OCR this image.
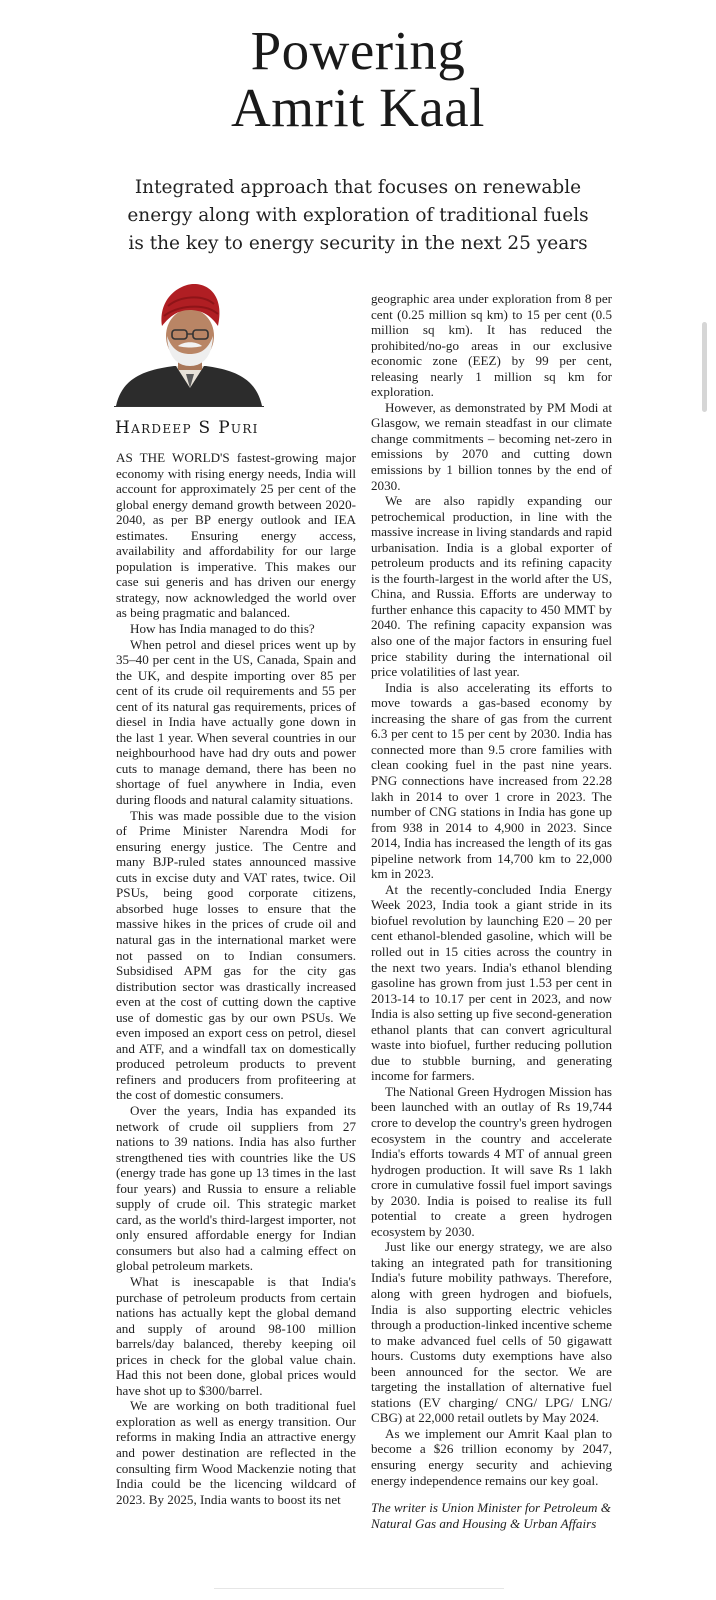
Powering
Amrit Kaal
Integrated approach that focuses on renewable
energy along with exploration of traditional fuels
is the key to energy security in the next 25 years
Hardeep S Puri

AS THE WORLD'S fastest-growing major economy with rising energy needs, India will account for approximately 25 per cent of the global energy demand growth between 2020-2040, as per BP energy outlook and IEA estimates. Ensuring energy access, availability and affordability for our large population is imperative. This makes our case sui generis and has driven our energy strategy, now acknowledged the world over as being pragmatic and balanced.

How has India managed to do this?

When petrol and diesel prices went up by 35–40 per cent in the US, Canada, Spain and the UK, and despite importing over 85 per cent of its crude oil requirements and 55 per cent of its natural gas requirements, prices of diesel in India have actually gone down in the last 1 year. When several countries in our neighbourhood have had dry outs and power cuts to manage demand, there has been no shortage of fuel anywhere in India, even during floods and natural calamity situations.

This was made possible due to the vision of Prime Minister Narendra Modi for ensuring energy justice. The Centre and many BJP-ruled states announced massive cuts in excise duty and VAT rates, twice. Oil PSUs, being good corporate citizens, absorbed huge losses to ensure that the massive hikes in the prices of crude oil and natural gas in the international market were not passed on to Indian consumers. Subsidised APM gas for the city gas distribution sector was drastically increased even at the cost of cutting down the captive use of domestic gas by our own PSUs. We even imposed an export cess on petrol, diesel and ATF, and a windfall tax on domestically produced petroleum products to prevent refiners and producers from profiteering at the cost of domestic consumers.

Over the years, India has expanded its network of crude oil suppliers from 27 nations to 39 nations. India has also further strengthened ties with countries like the US (energy trade has gone up 13 times in the last four years) and Russia to ensure a reliable supply of crude oil. This strategic market card, as the world's third-largest importer, not only ensured affordable energy for Indian consumers but also had a calming effect on global petroleum markets.

What is inescapable is that India's purchase of petroleum products from certain nations has actually kept the global demand and supply of around 98-100 million barrels/day balanced, thereby keeping oil prices in check for the global value chain. Had this not been done, global prices would have shot up to $300/barrel.

We are working on both traditional fuel exploration as well as energy transition. Our reforms in making India an attractive energy and power destination are reflected in the consulting firm Wood Mackenzie noting that India could be the licencing wildcard of 2023. By 2025, India wants to boost its net

geographic area under exploration from 8 per cent (0.25 million sq km) to 15 per cent (0.5 million sq km). It has reduced the prohibited/no-go areas in our exclusive economic zone (EEZ) by 99 per cent, releasing nearly 1 million sq km for exploration.

However, as demonstrated by PM Modi at Glasgow, we remain steadfast in our climate change commitments – becoming net-zero in emissions by 2070 and cutting down emissions by 1 billion tonnes by the end of 2030.

We are also rapidly expanding our petrochemical production, in line with the massive increase in living standards and rapid urbanisation. India is a global exporter of petroleum products and its refining capacity is the fourth-largest in the world after the US, China, and Russia. Efforts are underway to further enhance this capacity to 450 MMT by 2040. The refining capacity expansion was also one of the major factors in ensuring fuel price stability during the international oil price volatilities of last year.

India is also accelerating its efforts to move towards a gas-based economy by increasing the share of gas from the current 6.3 per cent to 15 per cent by 2030. India has connected more than 9.5 crore families with clean cooking fuel in the past nine years. PNG connections have increased from 22.28 lakh in 2014 to over 1 crore in 2023. The number of CNG stations in India has gone up from 938 in 2014 to 4,900 in 2023. Since 2014, India has increased the length of its gas pipeline network from 14,700 km to 22,000 km in 2023.

At the recently-concluded India Energy Week 2023, India took a giant stride in its biofuel revolution by launching E20 – 20 per cent ethanol-blended gasoline, which will be rolled out in 15 cities across the country in the next two years. India's ethanol blending gasoline has grown from just 1.53 per cent in 2013-14 to 10.17 per cent in 2023, and now India is also setting up five second-generation ethanol plants that can convert agricultural waste into biofuel, further reducing pollution due to stubble burning, and generating income for farmers.

The National Green Hydrogen Mission has been launched with an outlay of Rs 19,744 crore to develop the country's green hydrogen ecosystem in the country and accelerate India's efforts towards 4 MT of annual green hydrogen production. It will save Rs 1 lakh crore in cumulative fossil fuel import savings by 2030. India is poised to realise its full potential to create a green hydrogen ecosystem by 2030.

Just like our energy strategy, we are also taking an integrated path for transitioning India's future mobility pathways. Therefore, along with green hydrogen and biofuels, India is also supporting electric vehicles through a production-linked incentive scheme to make advanced fuel cells of 50 gigawatt hours. Customs duty exemptions have also been announced for the sector. We are targeting the installation of alternative fuel stations (EV charging/ CNG/ LPG/ LNG/ CBG) at 22,000 retail outlets by May 2024.

As we implement our Amrit Kaal plan to become a $26 trillion economy by 2047, ensuring energy security and achieving energy independence remains our key goal.

The writer is Union Minister for Petroleum & Natural Gas and Housing & Urban Affairs
